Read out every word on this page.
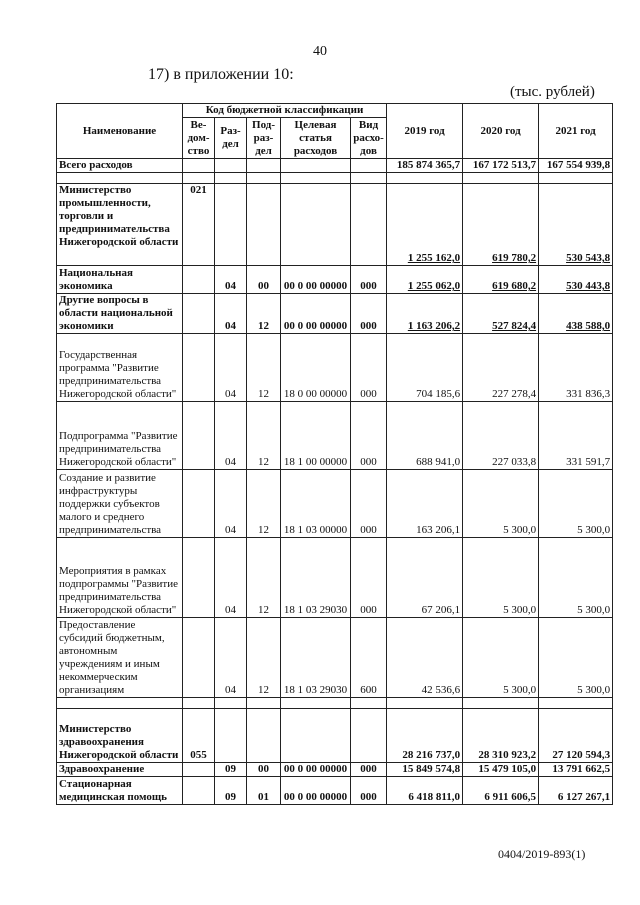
40
17) в приложении 10:
(тыс. рублей)
Наименование	Код бюджетной классификации					2019 год	2020 год	2021 год
	Ве-дом-ство	Раз-дел	Под-раз-дел	Целевая статья расходов	Вид расхо-дов			
Всего расходов						185 874 365,7	167 172 513,7	167 554 939,8

Министерство промышленности, торговли и предпринимательства Нижегородской области	021					1 255 162,0	619 780,2	530 543,8
Национальная экономика		04	00	00 0 00 00000	000	1 255 062,0	619 680,2	530 443,8
Другие вопросы в области национальной экономики		04	12	00 0 00 00000	000	1 163 206,2	527 824,4	438 588,0
Государственная программа "Развитие предпринимательства Нижегородской области"		04	12	18 0 00 00000	000	704 185,6	227 278,4	331 836,3
Подпрограмма "Развитие предпринимательства Нижегородской области"		04	12	18 1 00 00000	000	688 941,0	227 033,8	331 591,7
Создание и развитие инфраструктуры поддержки субъектов малого и среднего предпринимательства		04	12	18 1 03 00000	000	163 206,1	5 300,0	5 300,0
Мероприятия в рамках подпрограммы "Развитие предпринимательства Нижегородской области"		04	12	18 1 03 29030	000	67 206,1	5 300,0	5 300,0
Предоставление субсидий бюджетным, автономным учреждениям и иным некоммерческим организациям		04	12	18 1 03 29030	600	42 536,6	5 300,0	5 300,0

Министерство здравоохранения Нижегородской области	055					28 216 737,0	28 310 923,2	27 120 594,3
Здравоохранение		09	00	00 0 00 00000	000	15 849 574,8	15 479 105,0	13 791 662,5
Стационарная медицинская помощь		09	01	00 0 00 00000	000	6 418 811,0	6 911 606,5	6 127 267,1
0404/2019-893(1)
